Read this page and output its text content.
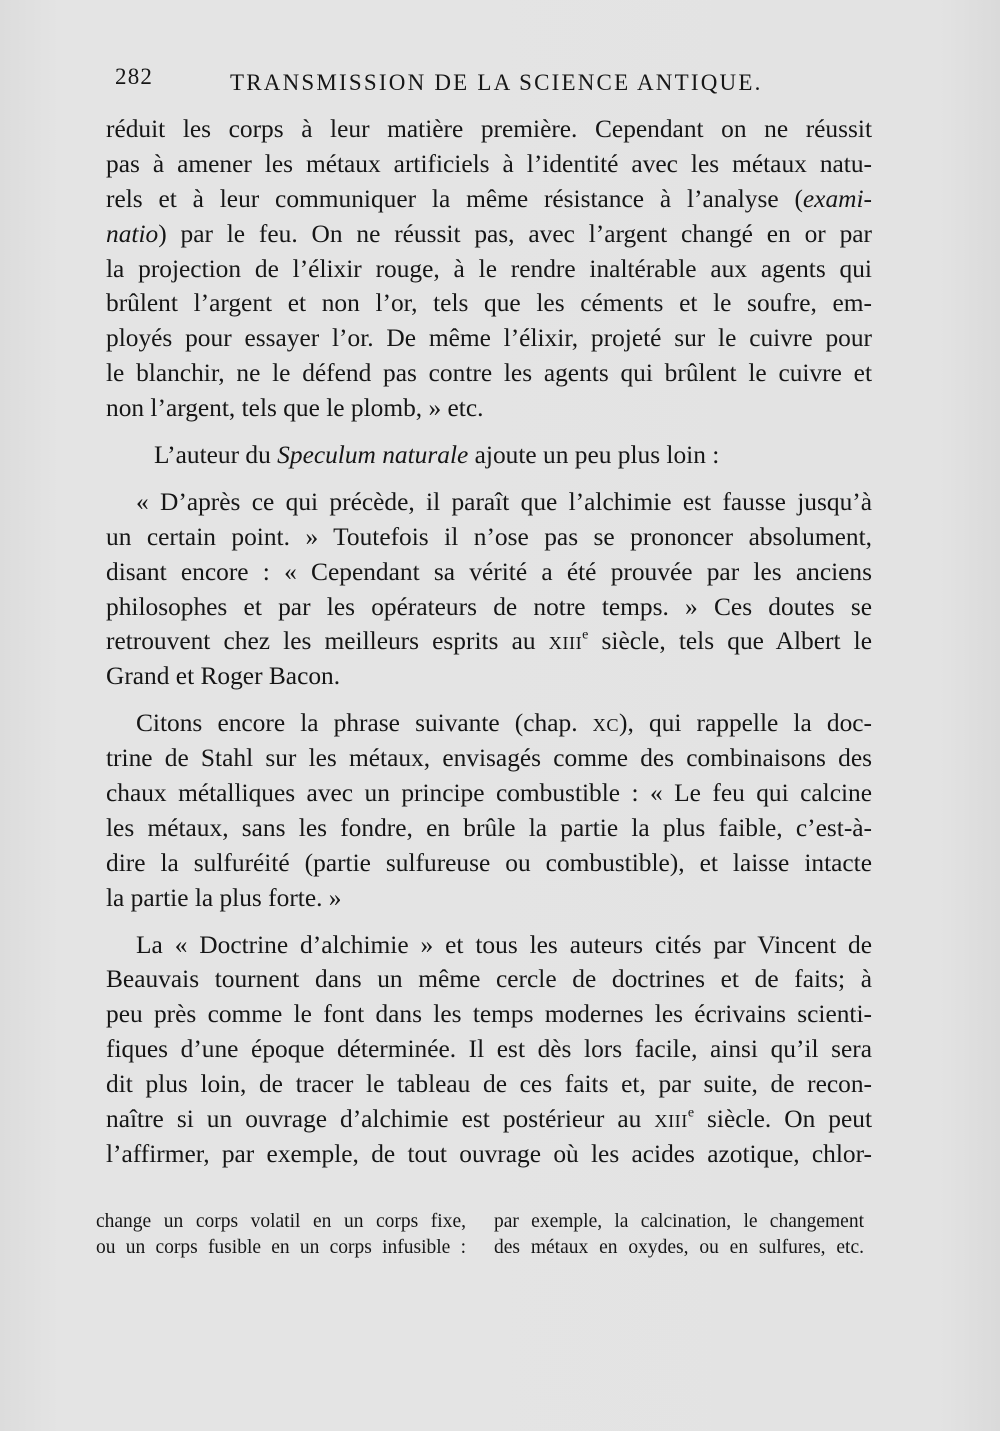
282	TRANSMISSION DE LA SCIENCE ANTIQUE.
réduit les corps à leur matière première. Cependant on ne réussit
pas à amener les métaux artificiels à l’identité avec les métaux natu-
rels et à leur communiquer la même résistance à l’analyse (exami-
natio) par le feu. On ne réussit pas, avec l’argent changé en or par
la projection de l’élixir rouge, à le rendre inaltérable aux agents qui
brûlent l’argent et non l’or, tels que les céments et le soufre, em-
ployés pour essayer l’or. De même l’élixir, projeté sur le cuivre pour
le blanchir, ne le défend pas contre les agents qui brûlent le cuivre et
non l’argent, tels que le plomb, » etc.
L’auteur du Speculum naturale ajoute un peu plus loin :
« D’après ce qui précède, il paraît que l’alchimie est fausse jusqu’à
un certain point. » Toutefois il n’ose pas se prononcer absolument,
disant encore : « Cependant sa vérité a été prouvée par les anciens
philosophes et par les opérateurs de notre temps. » Ces doutes se
retrouvent chez les meilleurs esprits au XIIIe siècle, tels que Albert le
Grand et Roger Bacon.
Citons encore la phrase suivante (chap. XC), qui rappelle la doc-
trine de Stahl sur les métaux, envisagés comme des combinaisons des
chaux métalliques avec un principe combustible : « Le feu qui calcine
les métaux, sans les fondre, en brûle la partie la plus faible, c’est-à-
dire la sulfuréité (partie sulfureuse ou combustible), et laisse intacte
la partie la plus forte. »
La « Doctrine d’alchimie » et tous les auteurs cités par Vincent de
Beauvais tournent dans un même cercle de doctrines et de faits; à
peu près comme le font dans les temps modernes les écrivains scienti-
fiques d’une époque déterminée. Il est dès lors facile, ainsi qu’il sera
dit plus loin, de tracer le tableau de ces faits et, par suite, de recon-
naître si un ouvrage d’alchimie est postérieur au XIIIe siècle. On peut
l’affirmer, par exemple, de tout ouvrage où les acides azotique, chlor-
change un corps volatil en un corps fixe,
ou un corps fusible en un corps infusible :
par exemple, la calcination, le changement
des métaux en oxydes, ou en sulfures, etc.
